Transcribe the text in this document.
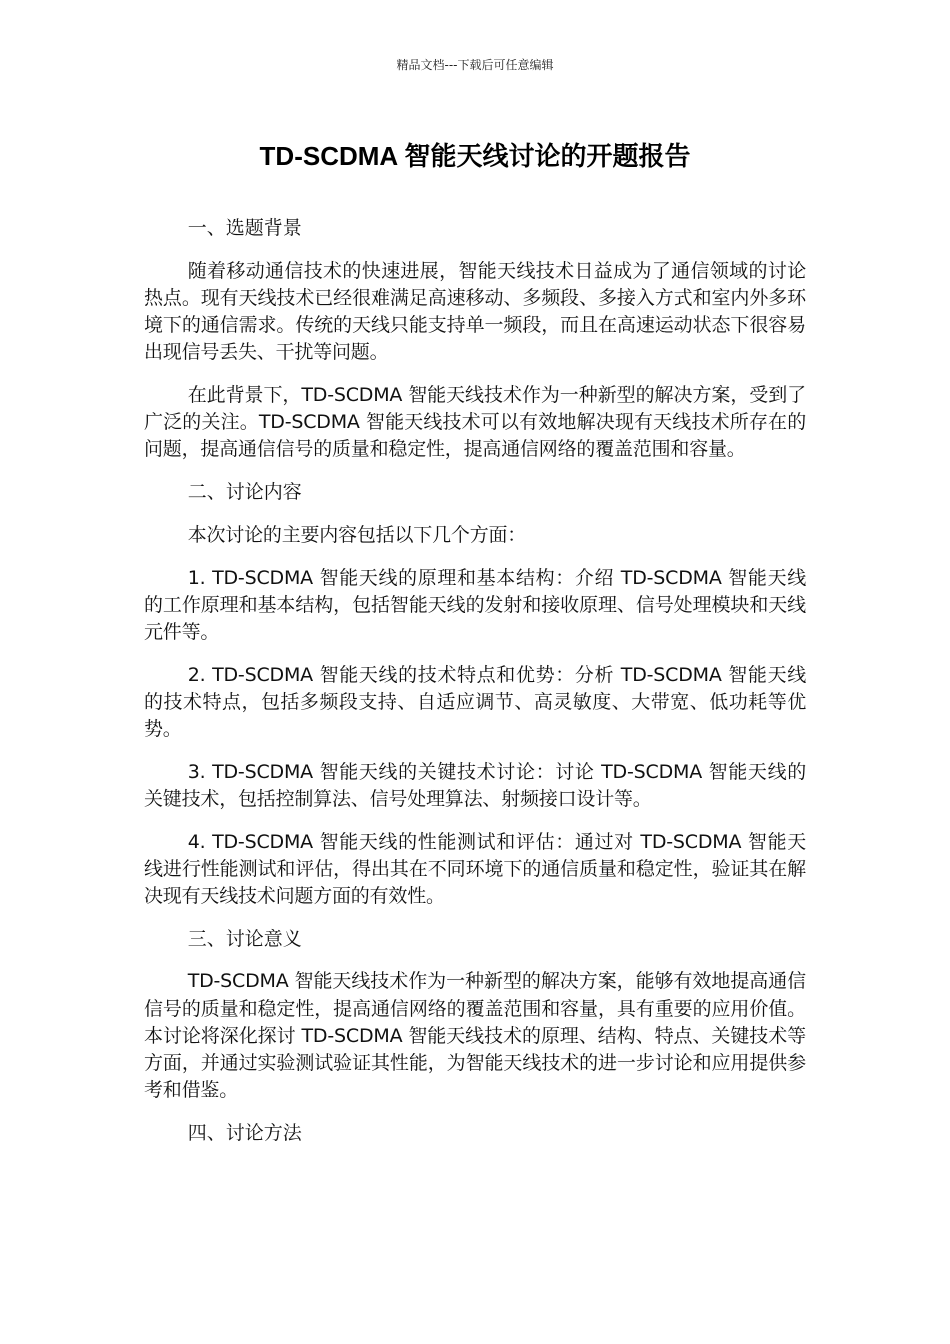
精品文档---下载后可任意编辑
TD-SCDMA 智能天线讨论的开题报告

一、选题背景

随着移动通信技术的快速进展，智能天线技术日益成为了通信领域的讨论热点。现有天线技术已经很难满足高速移动、多频段、多接入方式和室内外多环境下的通信需求。传统的天线只能支持单一频段，而且在高速运动状态下很容易出现信号丢失、干扰等问题。

在此背景下，TD-SCDMA 智能天线技术作为一种新型的解决方案，受到了广泛的关注。TD-SCDMA 智能天线技术可以有效地解决现有天线技术所存在的问题，提高通信信号的质量和稳定性，提高通信网络的覆盖范围和容量。

二、讨论内容

本次讨论的主要内容包括以下几个方面：

1. TD-SCDMA 智能天线的原理和基本结构：介绍 TD-SCDMA 智能天线的工作原理和基本结构，包括智能天线的发射和接收原理、信号处理模块和天线元件等。

2. TD-SCDMA 智能天线的技术特点和优势：分析 TD-SCDMA 智能天线的技术特点，包括多频段支持、自适应调节、高灵敏度、大带宽、低功耗等优势。

3. TD-SCDMA 智能天线的关键技术讨论：讨论 TD-SCDMA 智能天线的关键技术，包括控制算法、信号处理算法、射频接口设计等。

4. TD-SCDMA 智能天线的性能测试和评估：通过对 TD-SCDMA 智能天线进行性能测试和评估，得出其在不同环境下的通信质量和稳定性，验证其在解决现有天线技术问题方面的有效性。

三、讨论意义

TD-SCDMA 智能天线技术作为一种新型的解决方案，能够有效地提高通信信号的质量和稳定性，提高通信网络的覆盖范围和容量，具有重要的应用价值。本讨论将深化探讨 TD-SCDMA 智能天线技术的原理、结构、特点、关键技术等方面，并通过实验测试验证其性能，为智能天线技术的进一步讨论和应用提供参考和借鉴。

四、讨论方法
